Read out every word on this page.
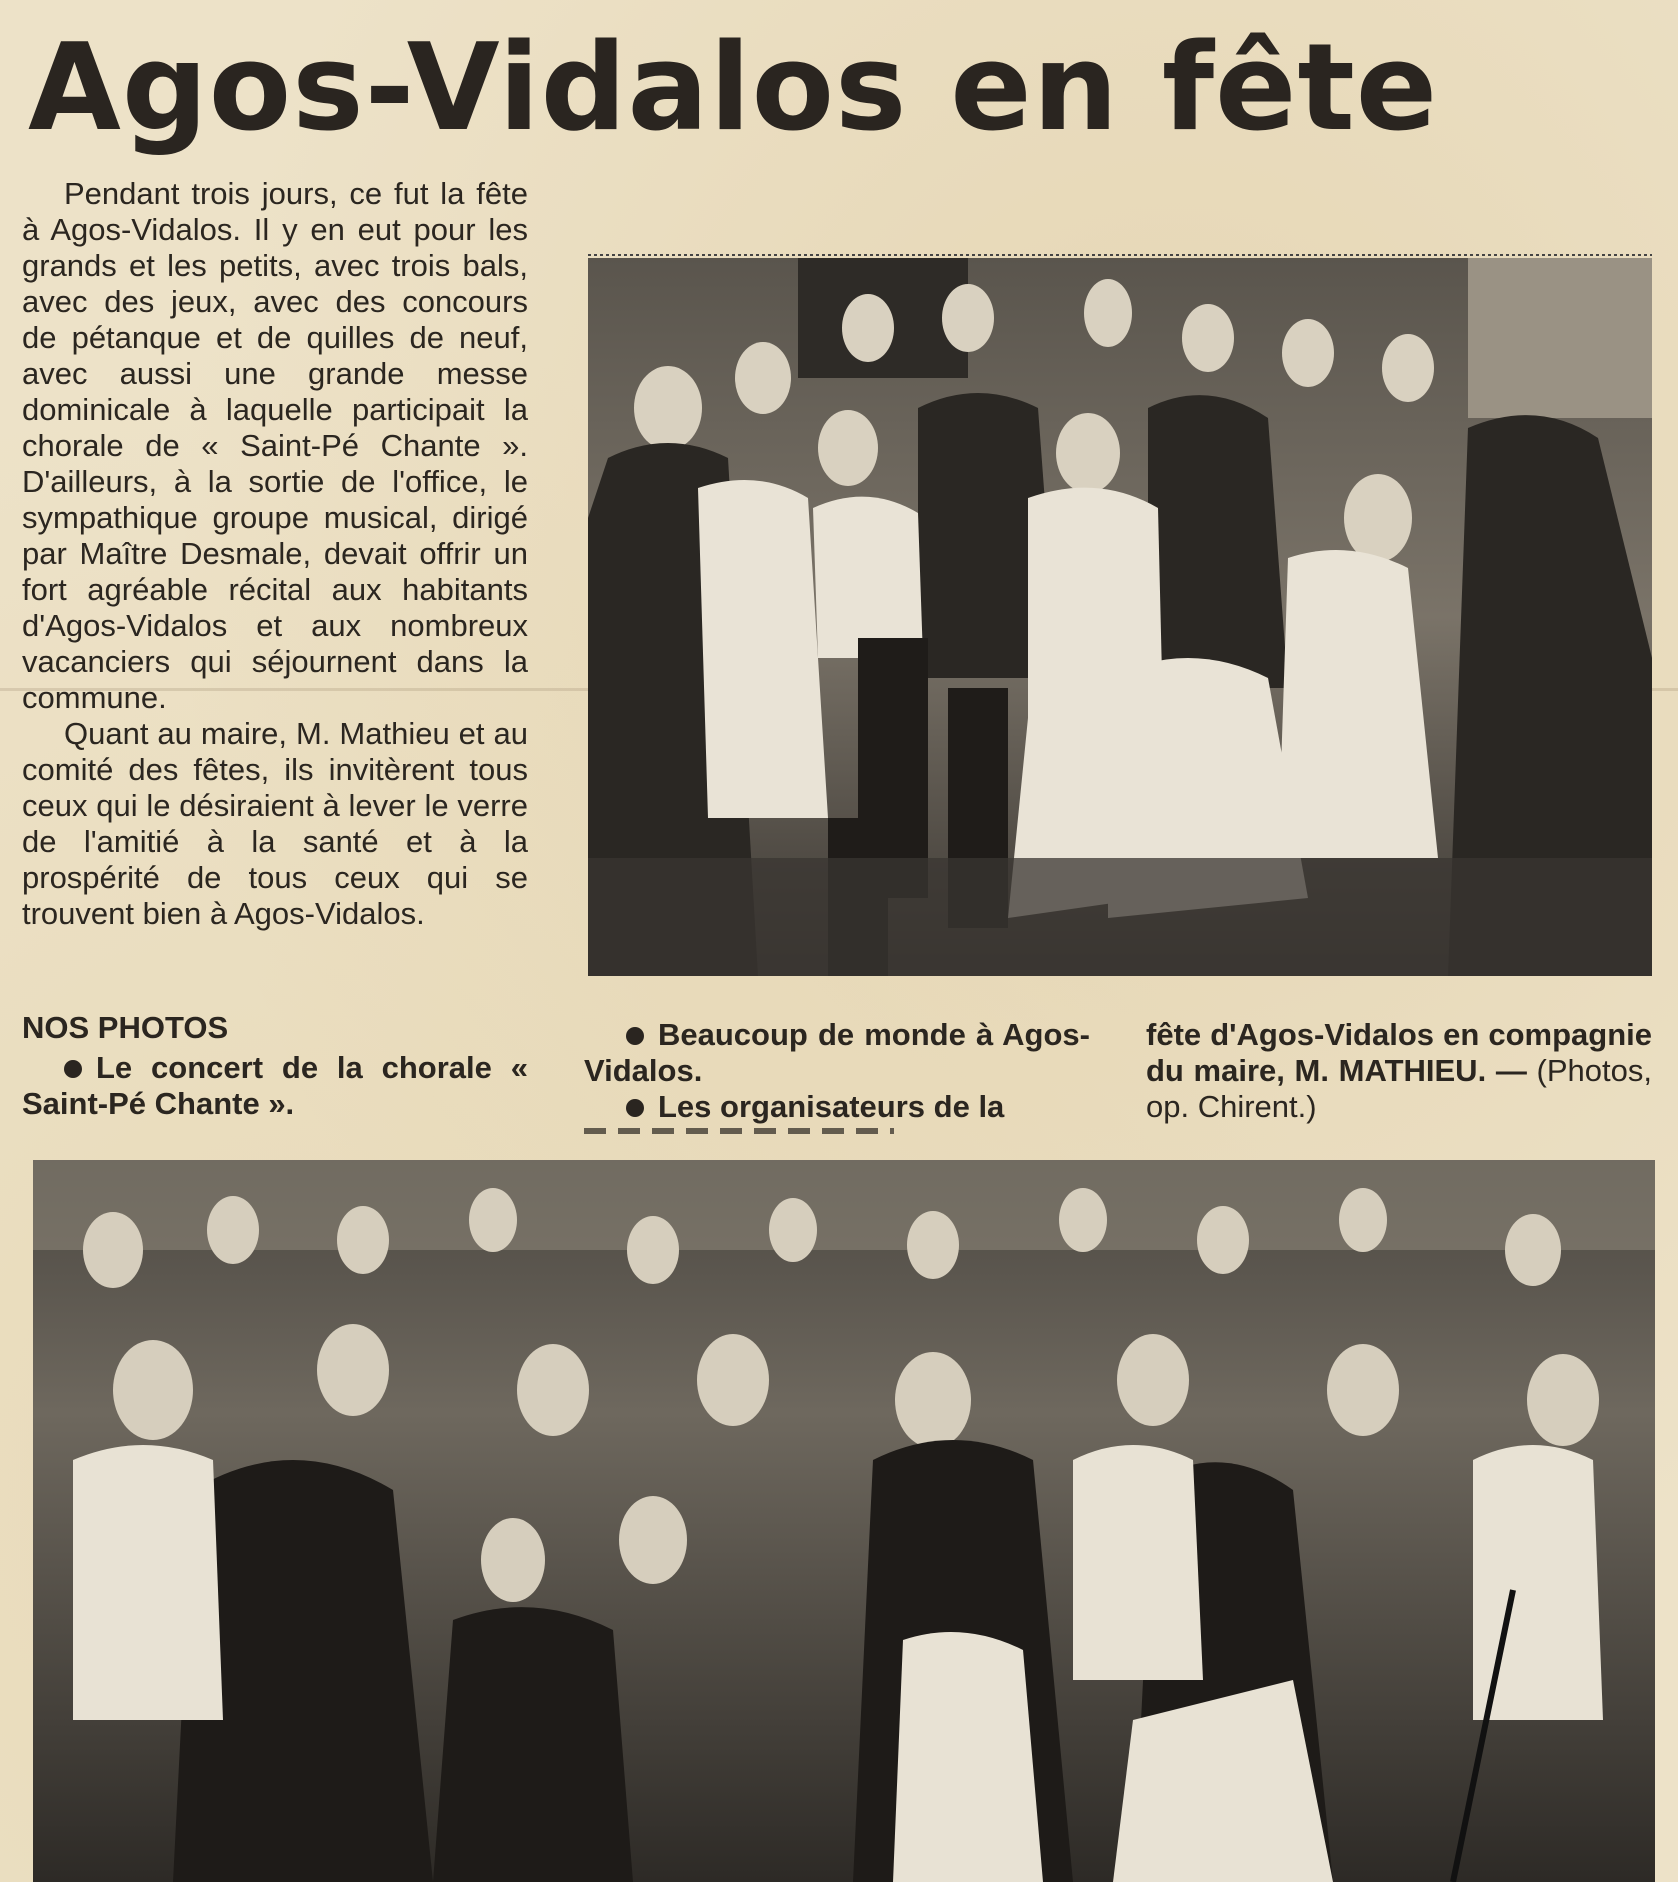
Agos-Vidalos en fête

Pendant trois jours, ce fut la fête à Agos-Vidalos. Il y en eut pour les grands et les petits, avec trois bals, avec des jeux, avec des concours de pétanque et de quilles de neuf, avec aussi une grande messe dominicale à laquelle participait la chorale de « Saint-Pé Chante ». D'ailleurs, à la sortie de l'office, le sympathique groupe musical, dirigé par Maître Desmale, devait offrir un fort agréable récital aux habitants d'Agos-Vidalos et aux nombreux vacanciers qui séjournent dans la commune.

Quant au maire, M. Mathieu et au comité des fêtes, ils invitèrent tous ceux qui le désiraient à lever le verre de l'amitié à la santé et à la prospérité de tous ceux qui se trouvent bien à Agos-Vidalos.

NOS PHOTOS
Le concert de la chorale « Saint-Pé Chante ».
Beaucoup de monde à Agos-Vidalos.
Les organisateurs de la
fête d'Agos-Vidalos en compagnie du maire, M. MATHIEU. — (Photos, op. Chirent.)
